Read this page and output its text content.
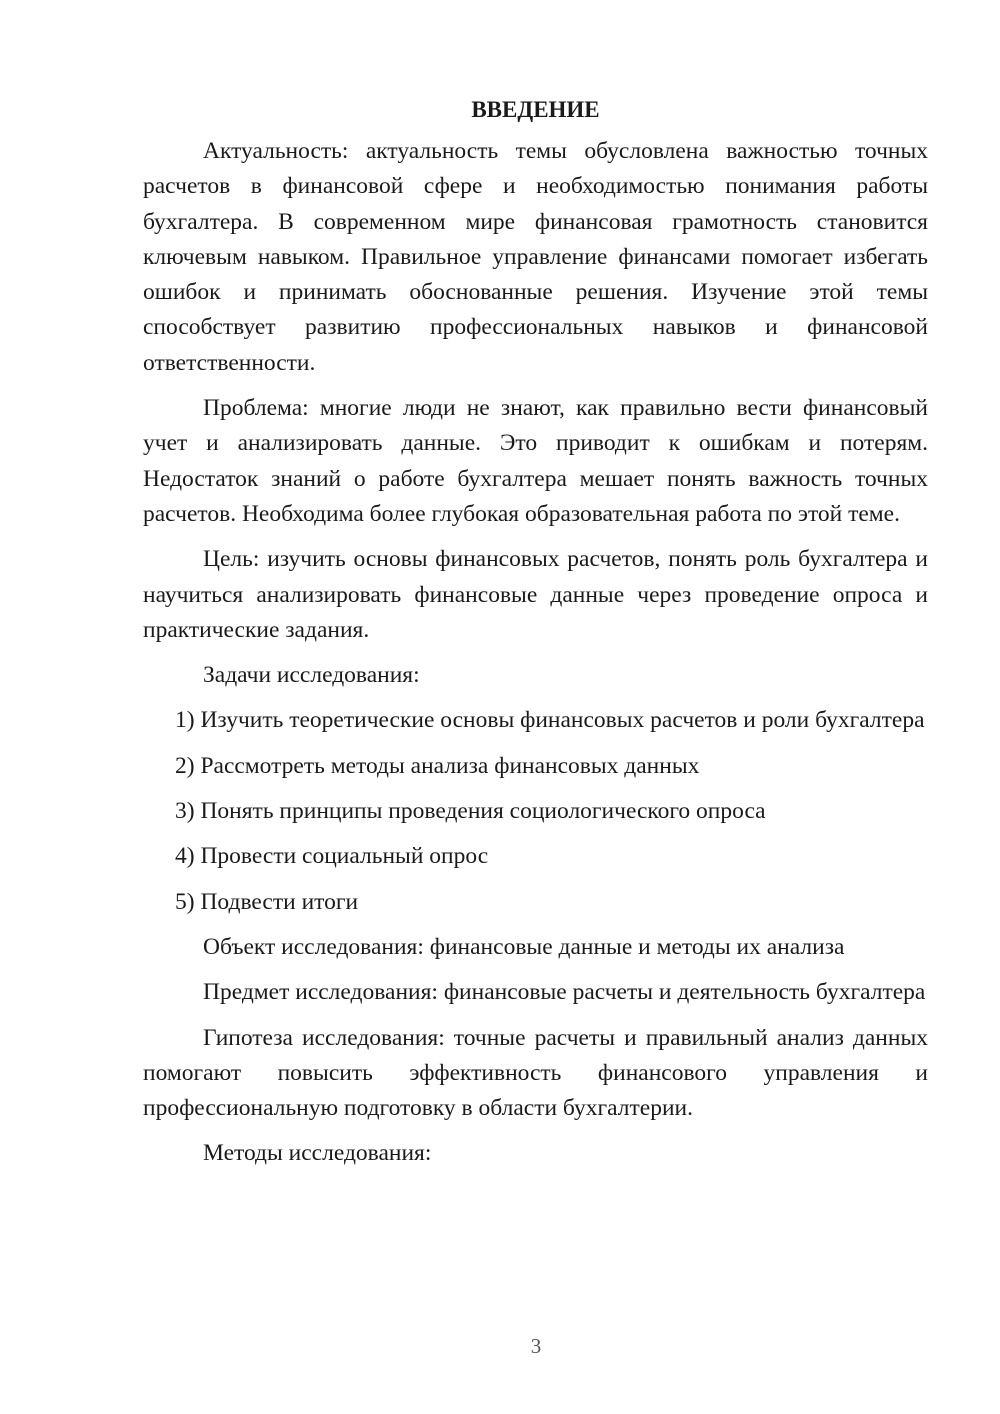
ВВЕДЕНИЕ

Актуальность: актуальность темы обусловлена важностью точных расчетов в финансовой сфере и необходимостью понимания работы бухгалтера. В современном мире финансовая грамотность становится ключевым навыком. Правильное управление финансами помогает избегать ошибок и принимать обоснованные решения. Изучение этой темы способствует развитию профессиональных навыков и финансовой ответственности.

Проблема: многие люди не знают, как правильно вести финансовый учет и анализировать данные. Это приводит к ошибкам и потерям. Недостаток знаний о работе бухгалтера мешает понять важность точных расчетов. Необходима более глубокая образовательная работа по этой теме.

Цель: изучить основы финансовых расчетов, понять роль бухгалтера и научиться анализировать финансовые данные через проведение опроса и практические задания.

Задачи исследования:

1) Изучить теоретические основы финансовых расчетов и роли бухгалтера

2) Рассмотреть методы анализа финансовых данных

3) Понять принципы проведения социологического опроса

4) Провести социальный опрос

5) Подвести итоги

Объект исследования: финансовые данные и методы их анализа

Предмет исследования: финансовые расчеты и деятельность бухгалтера

Гипотеза исследования: точные расчеты и правильный анализ данных помогают повысить эффективность финансового управления и профессиональную подготовку в области бухгалтерии.

Методы исследования:

3
